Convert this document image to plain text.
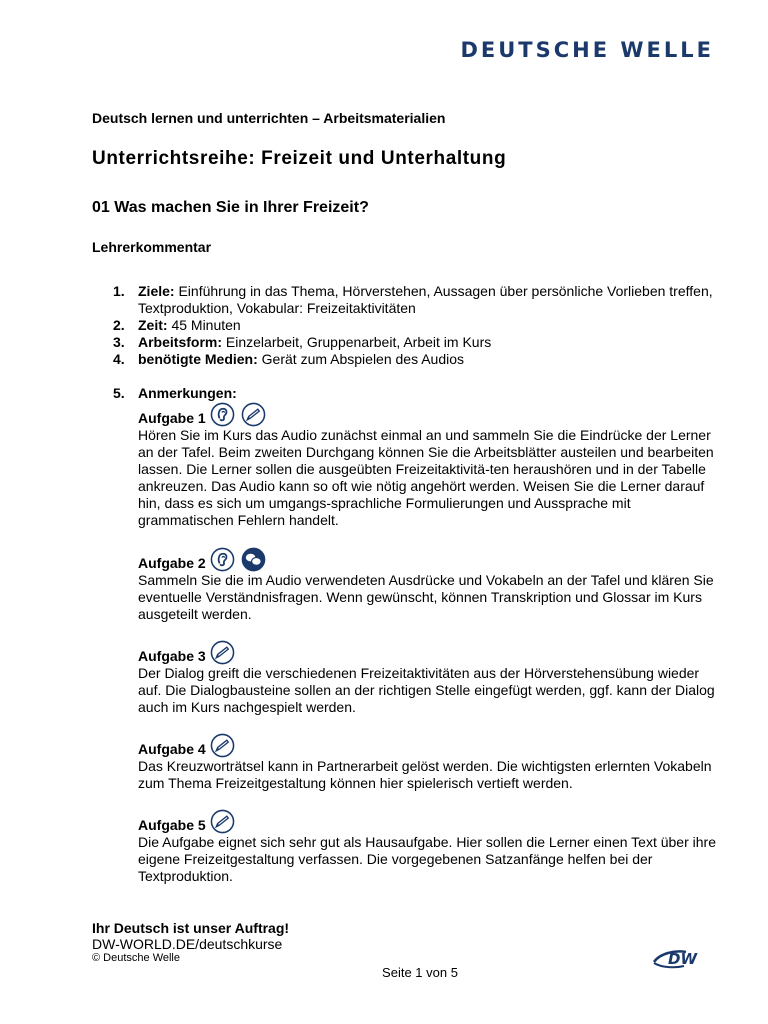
DEUTSCHE WELLE

Deutsch lernen und unterrichten – Arbeitsmaterialien

Unterrichtsreihe: Freizeit und Unterhaltung
01 Was machen Sie in Ihrer Freizeit?

Lehrerkommentar

1. Ziele: Einführung in das Thema, Hörverstehen, Aussagen über persönliche Vorlieben treffen, Textproduktion, Vokabular: Freizeitaktivitäten
2. Zeit: 45 Minuten
3. Arbeitsform: Einzelarbeit, Gruppenarbeit, Arbeit im Kurs
4. benötigte Medien: Gerät zum Abspielen des Audios
5. Anmerkungen:
Aufgabe 1

Hören Sie im Kurs das Audio zunächst einmal an und sammeln Sie die Eindrücke der Lerner an der Tafel. Beim zweiten Durchgang können Sie die Arbeitsblätter austeilen und bearbeiten lassen. Die Lerner sollen die ausgeübten Freizeitaktivitä-ten heraushören und in der Tabelle ankreuzen. Das Audio kann so oft wie nötig angehört werden. Weisen Sie die Lerner darauf hin, dass es sich um umgangs-sprachliche Formulierungen und Aussprache mit grammatischen Fehlern handelt.

Aufgabe 2

Sammeln Sie die im Audio verwendeten Ausdrücke und Vokabeln an der Tafel und klären Sie eventuelle Verständnisfragen. Wenn gewünscht, können Transkription und Glossar im Kurs ausgeteilt werden.

Aufgabe 3

Der Dialog greift die verschiedenen Freizeitaktivitäten aus der Hörverstehensübung wieder auf. Die Dialogbausteine sollen an der richtigen Stelle eingefügt werden, ggf. kann der Dialog auch im Kurs nachgespielt werden.

Aufgabe 4

Das Kreuzworträtsel kann in Partnerarbeit gelöst werden. Die wichtigsten erlernten Vokabeln zum Thema Freizeitgestaltung können hier spielerisch vertieft werden.

Aufgabe 5

Die Aufgabe eignet sich sehr gut als Hausaufgabe. Hier sollen die Lerner einen Text über ihre eigene Freizeitgestaltung verfassen. Die vorgegebenen Satzanfänge helfen bei der Textproduktion.

Ihr Deutsch ist unser Auftrag!
DW-WORLD.DE/deutschkurse
© Deutsche Welle
Seite 1 von 5
DW
